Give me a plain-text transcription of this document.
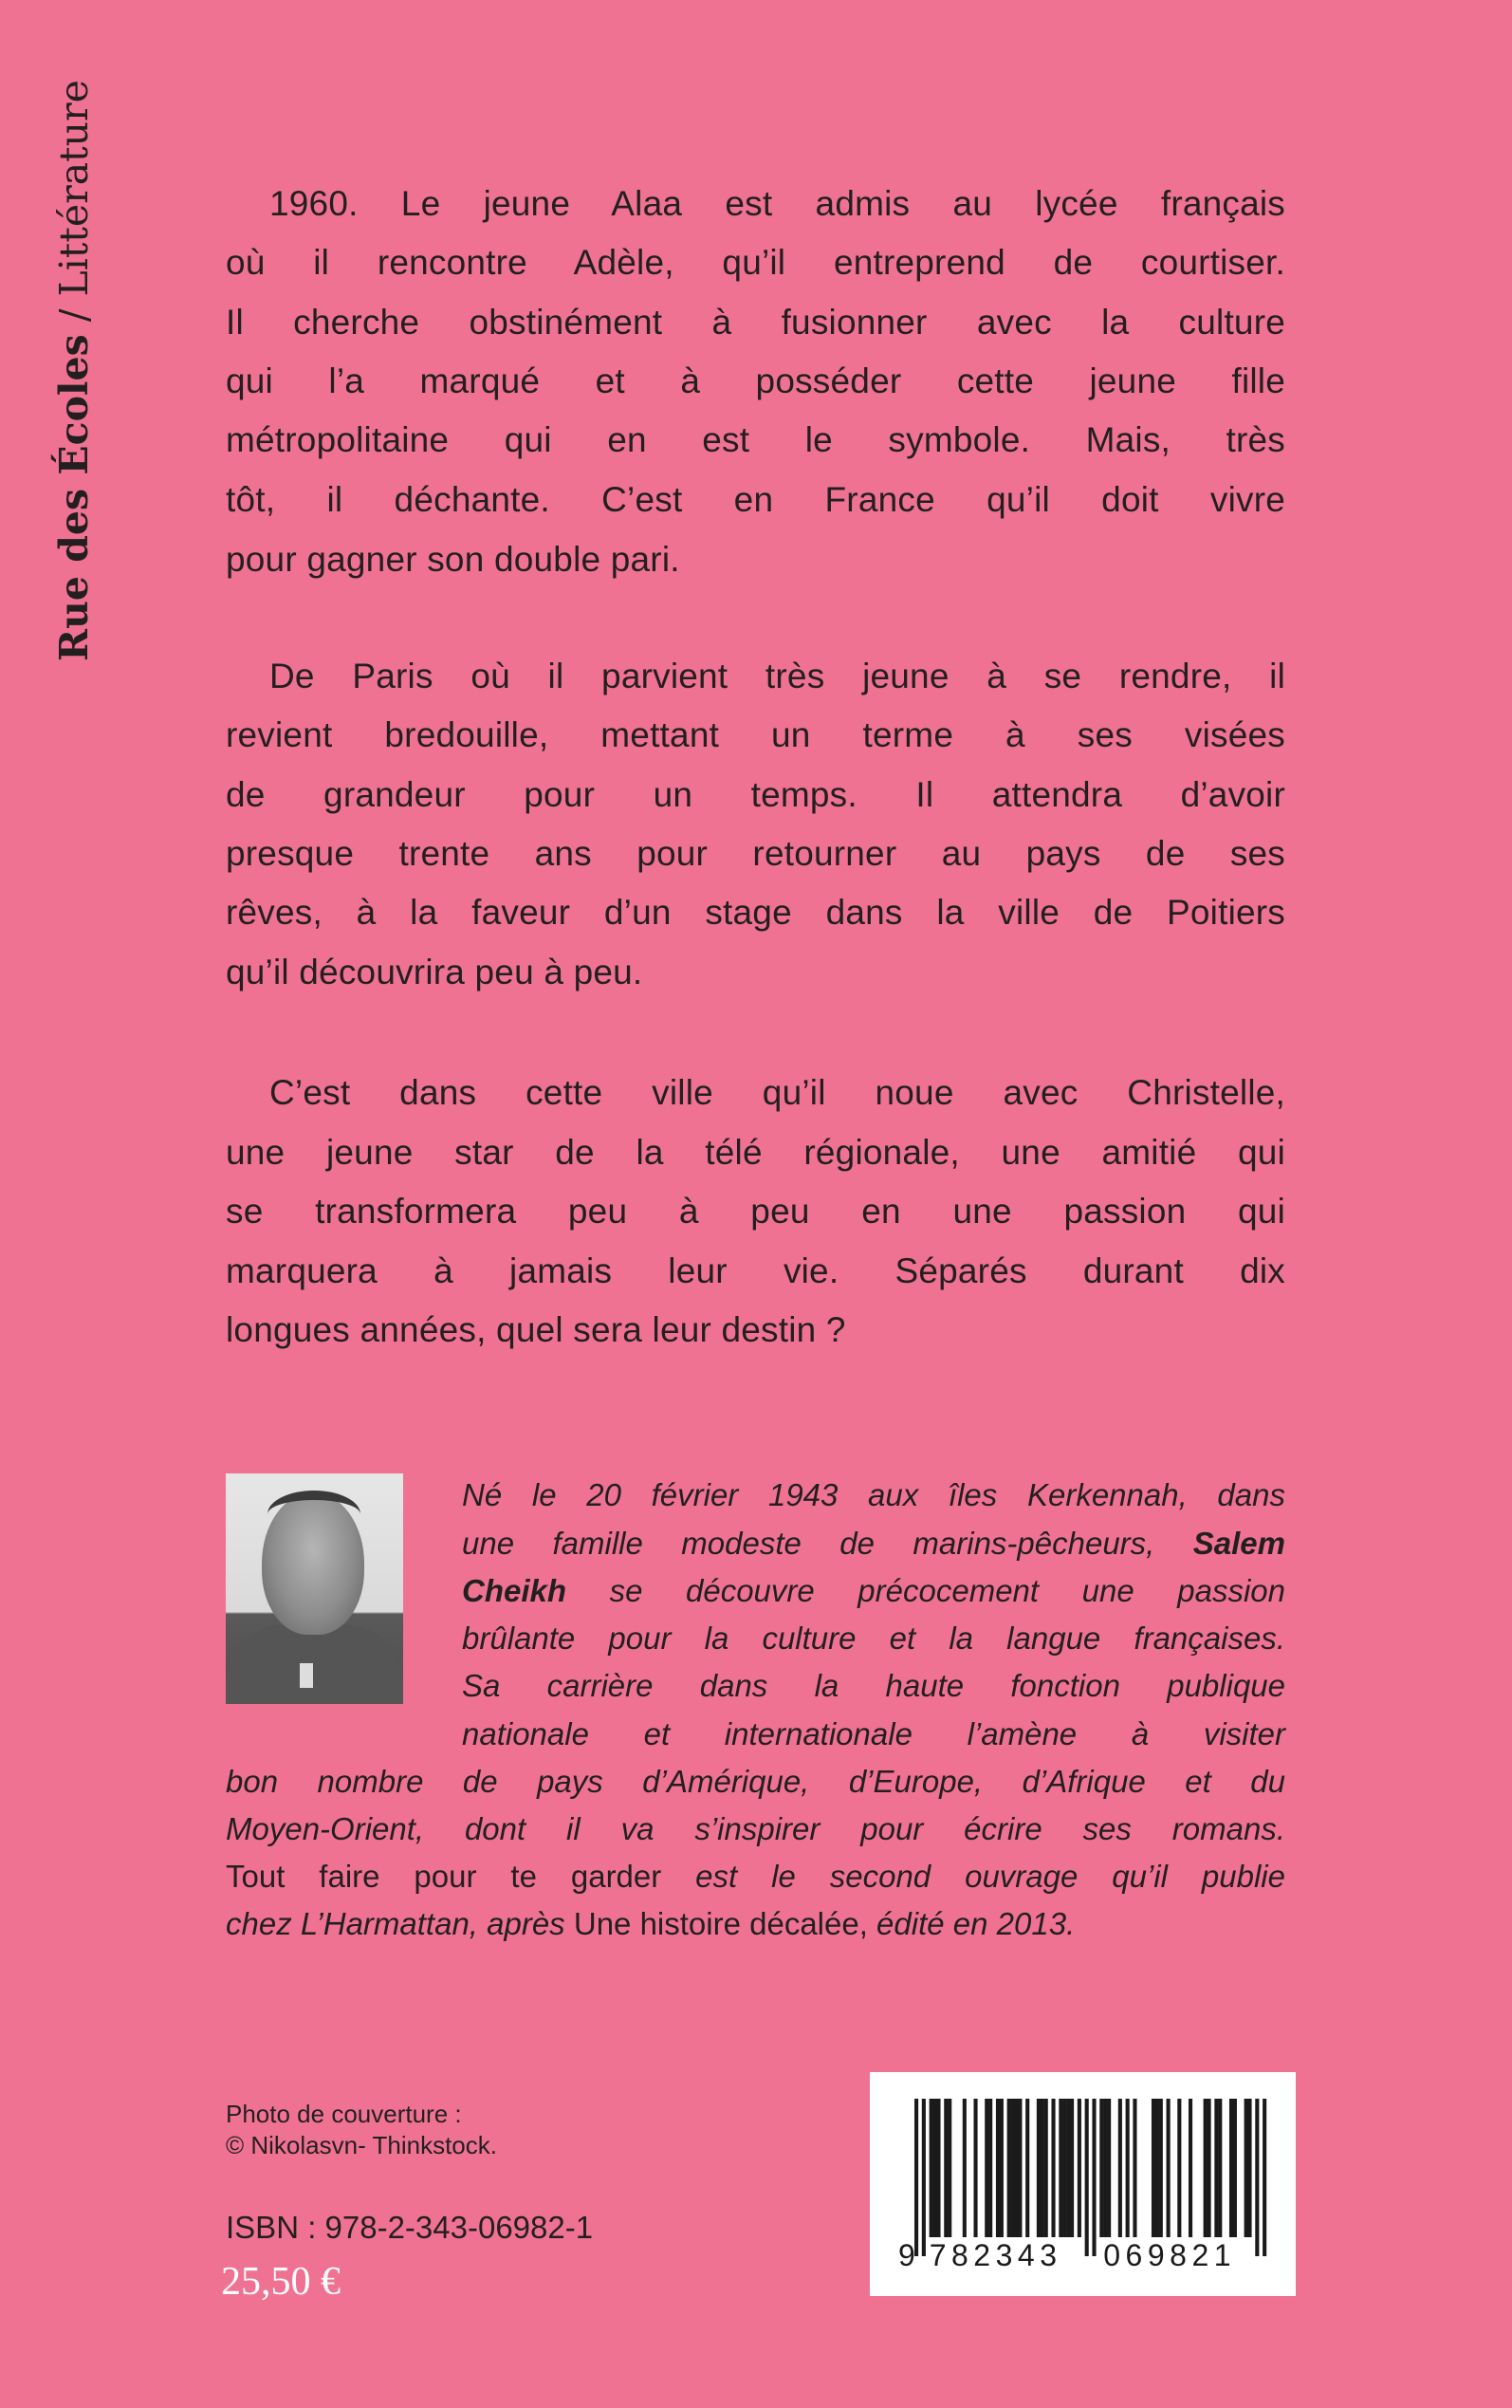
Rue des Écoles / Littérature	1960. Le jeune Alaa est admis au lycée français
où il rencontre Adèle, qu’il entreprend de courtiser.
Il cherche obstinément à fusionner avec la culture
qui l’a marqué et à posséder cette jeune fille
métropolitaine qui en est le symbole. Mais, très
tôt, il déchante. C’est en France qu’il doit vivre
pour gagner son double pari.
De Paris où il parvient très jeune à se rendre, il
revient bredouille, mettant un terme à ses visées
de grandeur pour un temps. Il attendra d’avoir
presque trente ans pour retourner au pays de ses
rêves, à la faveur d’un stage dans la ville de Poitiers
qu’il découvrira peu à peu.
C’est dans cette ville qu’il noue avec Christelle,
une jeune star de la télé régionale, une amitié qui
se transformera peu à peu en une passion qui
marquera à jamais leur vie. Séparés durant dix
longues années, quel sera leur destin ?
Né le 20 février 1943 aux îles Kerkennah, dans
une famille modeste de marins-pêcheurs, Salem
Cheikh se découvre précocement une passion
brûlante pour la culture et la langue françaises.
Sa carrière dans la haute fonction publique
nationale et internationale l’amène à visiter
bon nombre de pays d’Amérique, d’Europe, d’Afrique et du
Moyen-Orient, dont il va s’inspirer pour écrire ses romans.
Tout faire pour te garder est le second ouvrage qu’il publie
chez L’Harmattan, après Une histoire décalée, édité en 2013.
Photo de couverture :
© Nikolasvn- Thinkstock.
ISBN : 978-2-343-06982-1
25,50 €
9 782343 069821
